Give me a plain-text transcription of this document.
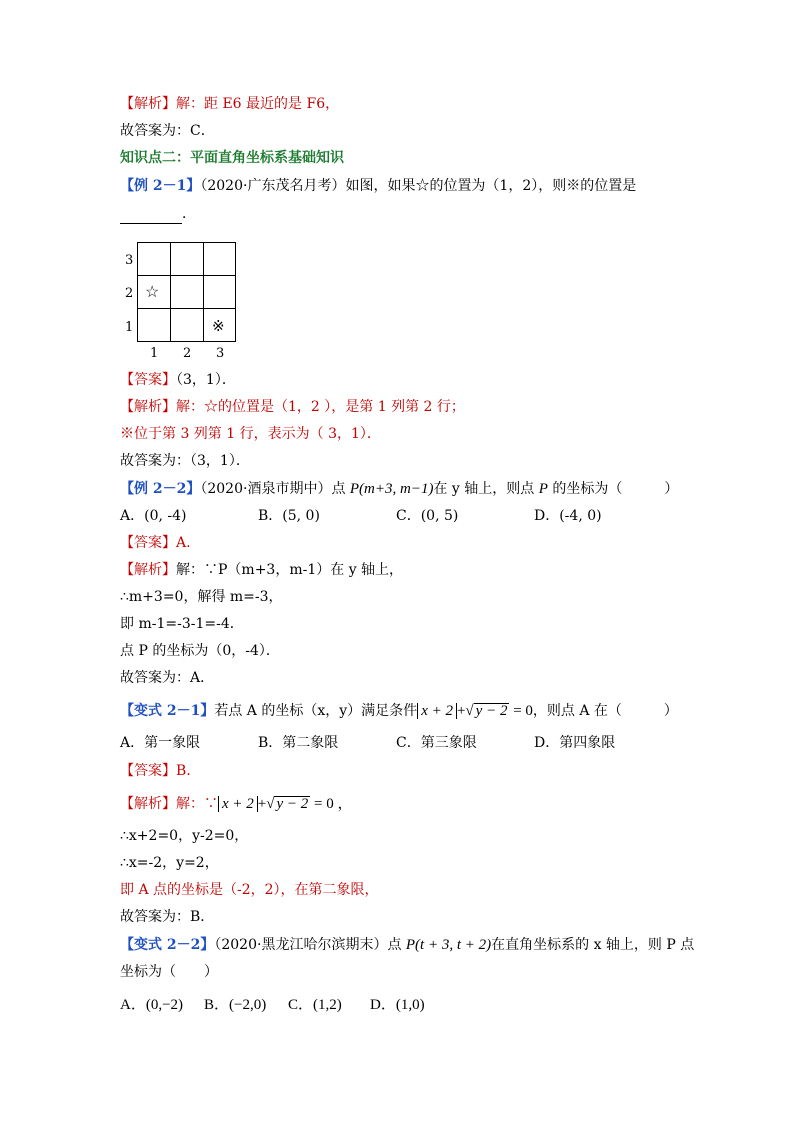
【解析】解：距 E6 最近的是 F6，
故答案为：C．
知识点二：平面直角坐标系基础知识
【例 2－1】（2020·广东茂名月考）如图，如果☆的位置为（1，2），则※的位置是
．
3
2
1
1 2 3
☆
※
【答案】（3，1）．
【解析】解：☆的位置是（1，2 ），是第 1 列第 2 行；
※位于第 3 列第 1 行，表示为（ 3，1）．
故答案为：（3，1）．
【例 2－2】（2020·酒泉市期中）点 P(m+3, m−1)在 y 轴上，则点 P 的坐标为（　　　）
A．(0, -4)	B．(5, 0)	C．(0, 5)	D．(-4, 0)
【答案】A.
【解析】解：∵P（m+3，m-1）在 y 轴上，
∴m+3=0，解得 m=-3，
即 m-1=-3-1=-4．
点 P 的坐标为（0，-4）．
故答案为：A．
【变式 2－1】若点 A 的坐标（x，y）满足条件 x + 2 +√ y − 2 = 0，则点 A 在（　　　）
A．第一象限	B．第二象限	C．第三象限	D．第四象限
【答案】B.
【解析】解：∵ x + 2 +√ y − 2 = 0 ，
∴x+2=0，y-2=0，
∴x=-2，y=2，
即 A 点的坐标是（-2，2），在第二象限，
故答案为：B．
【变式 2－2】（2020·黑龙江哈尔滨期末）点 P(t + 3, t + 2)在直角坐标系的 x 轴上，则 P 点
坐标为（　　）
A．(0,−2) B．(−2,0) C．(1,2) D．(1,0)
